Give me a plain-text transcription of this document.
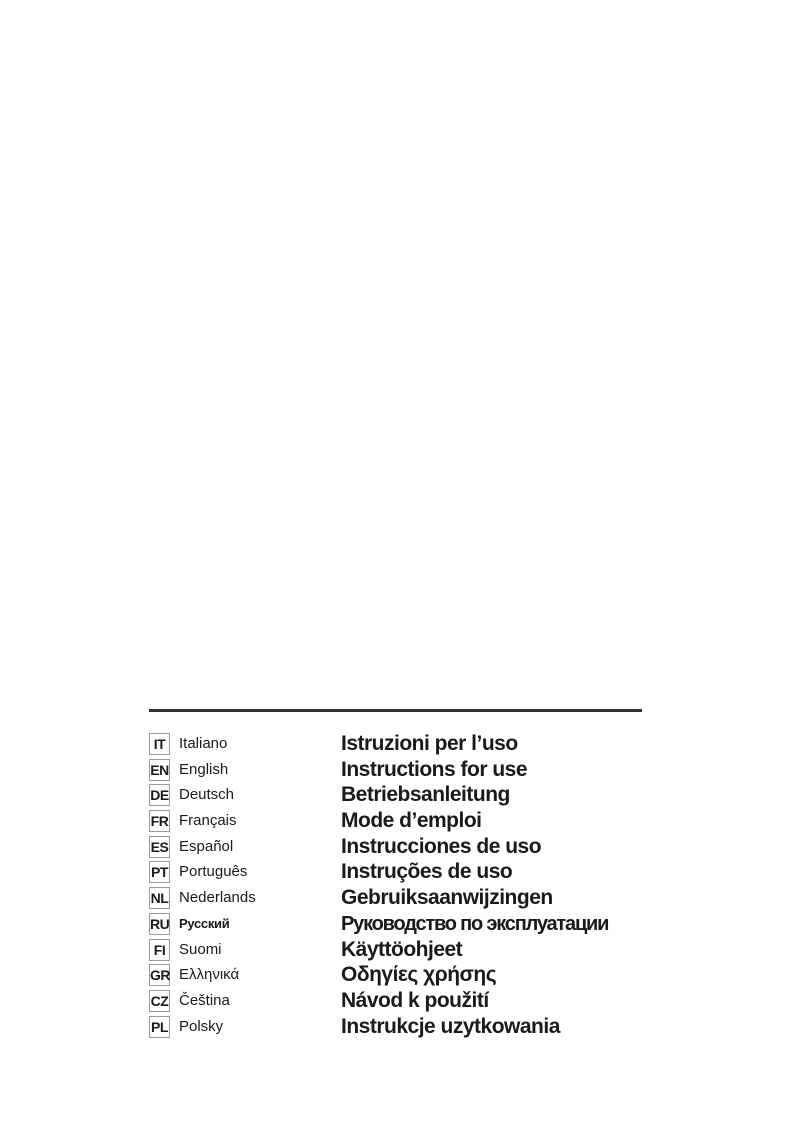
IT Italiano	Istruzioni per l’uso
EN English	Instructions for use
DE Deutsch	Betriebsanleitung
FR Français	Mode d’emploi
ES Español	Instrucciones de uso
PT Português	Instruções de uso
NL Nederlands	Gebruiksaanwijzingen
RU Русский	Руководство по эксплуатации
FI Suomi	Käyttöohjeet
GR Ελληνικά	Οδηγίες χρήσης
CZ Čeština	Návod k použití
PL Polsky	Instrukcje uzytkowania
